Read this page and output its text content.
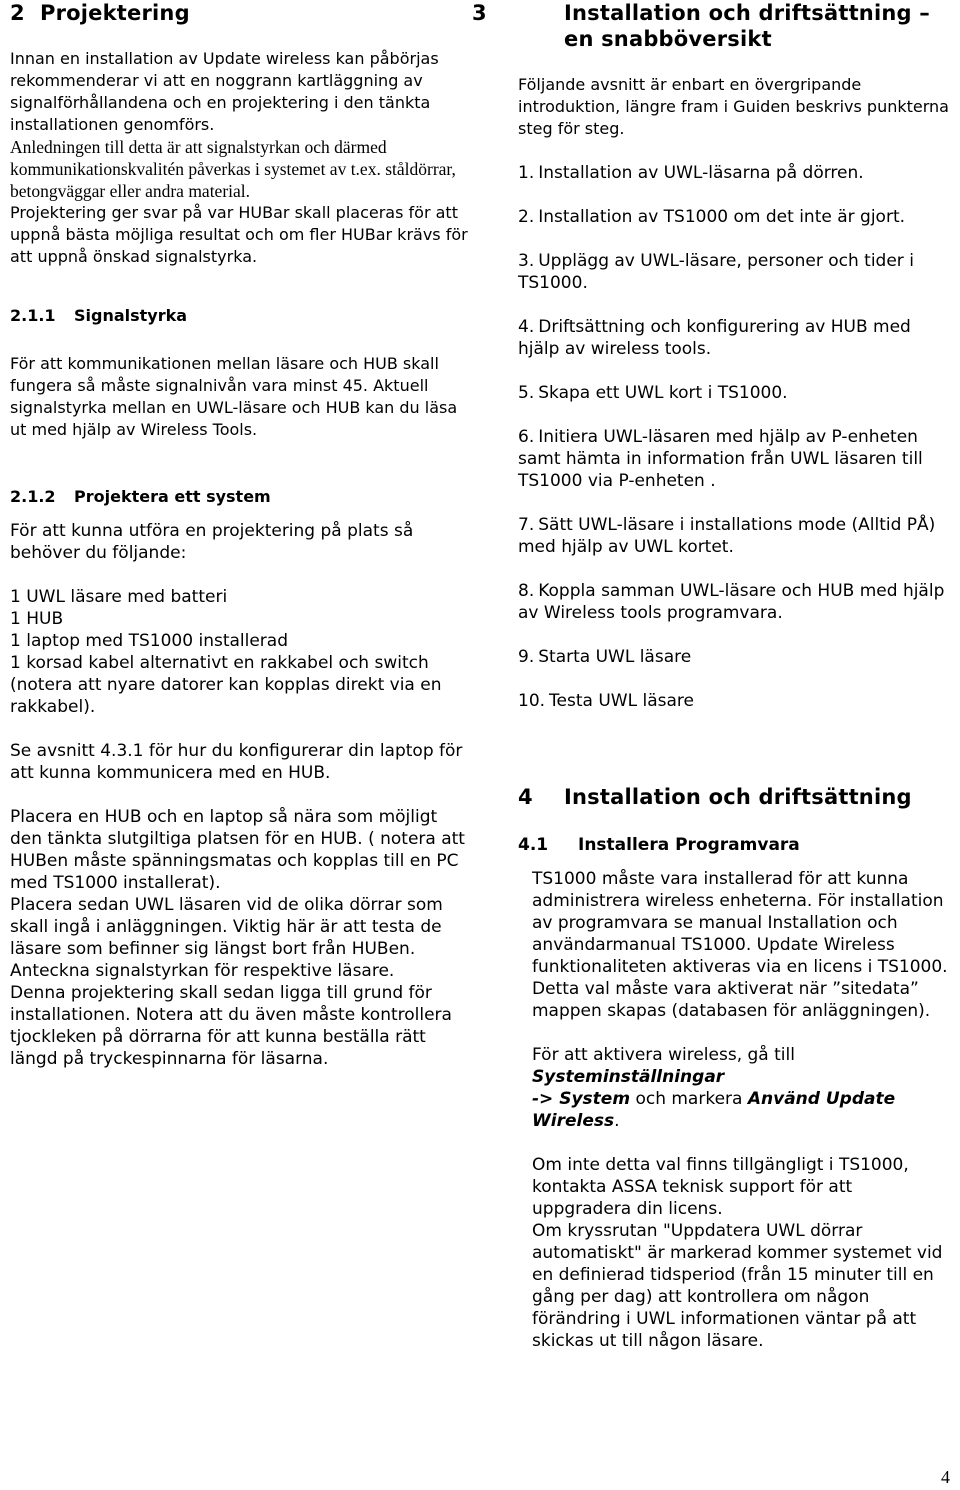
2 Projektering

Innan en installation av Update wireless kan påbörjas rekommenderar vi att en noggrann kartläggning av signalförhållandena och en projektering i den tänkta installationen genomförs.

Anledningen till detta är att signalstyrkan och därmed kommunikationskvalitén påverkas i systemet av t.ex. ståldörrar, betongväggar eller andra material.

Projektering ger svar på var HUBar skall placeras för att uppnå bästa möjliga resultat och om fler HUBar krävs för att uppnå önskad signalstyrka.

2.1.1 Signalstyrka

För att kommunikationen mellan läsare och HUB skall fungera så måste signalnivån vara minst 45. Aktuell signalstyrka mellan en UWL-läsare och HUB kan du läsa ut med hjälp av Wireless Tools.

2.1.2 Projektera ett system

För att kunna utföra en projektering på plats så behöver du följande:

1 UWL läsare med batteri

1 HUB

1 laptop med TS1000 installerad

1 korsad kabel alternativt en rakkabel och switch (notera att nyare datorer kan kopplas direkt via en rakkabel).

Se avsnitt 4.3.1 för hur du konfigurerar din laptop för att kunna kommunicera med en HUB.

Placera en HUB och en laptop så nära som möjligt den tänkta slutgiltiga platsen för en HUB. ( notera att HUBen måste spänningsmatas och kopplas till en PC med TS1000 installerat).

Placera sedan UWL läsaren vid de olika dörrar som skall ingå i anläggningen. Viktig här är att testa de läsare som befinner sig längst bort från HUBen. Anteckna signalstyrkan för respektive läsare.

Denna projektering skall sedan ligga till grund för installationen. Notera att du även måste kontrollera tjockleken på dörrarna för att kunna beställa rätt längd på tryckespinnarna för läsarna.

3	Installation och driftsättning – en snabböversikt

Följande avsnitt är enbart en övergripande introduktion, längre fram i Guiden beskrivs punkterna steg för steg.

1. Installation av UWL-läsarna på dörren.

2. Installation av TS1000 om det inte är gjort.

3. Upplägg av UWL-läsare, personer och tider i TS1000.

4. Driftsättning och konfigurering av HUB med hjälp av wireless tools.

5. Skapa ett UWL kort i TS1000.

6. Initiera UWL-läsaren med hjälp av P-enheten samt hämta in information från UWL läsaren till TS1000 via P-enheten .

7. Sätt UWL-läsare i installations mode (Alltid PÅ) med hjälp av UWL kortet.

8. Koppla samman UWL-läsare och HUB med hjälp av Wireless tools programvara.

9. Starta UWL läsare

10. Testa UWL läsare

4 Installation och driftsättning
4.1 Installera Programvara

TS1000 måste vara installerad för att kunna administrera wireless enheterna. För installation av programvara se manual Installation och användarmanual TS1000. Update Wireless funktionaliteten aktiveras via en licens i TS1000.

Detta val måste vara aktiverat när ”sitedata” mappen skapas (databasen för anläggningen).

För att aktivera wireless, gå till
Systeminställningar
-> System och markera Använd Update Wireless.

Om inte detta val finns tillgängligt i TS1000, kontakta ASSA teknisk support för att uppgradera din licens.

Om kryssrutan "Uppdatera UWL dörrar automatiskt" är markerad kommer systemet vid en definierad tidsperiod (från 15 minuter till en gång per dag) att kontrollera om någon förändring i UWL informationen väntar på att skickas ut till någon läsare.

4
